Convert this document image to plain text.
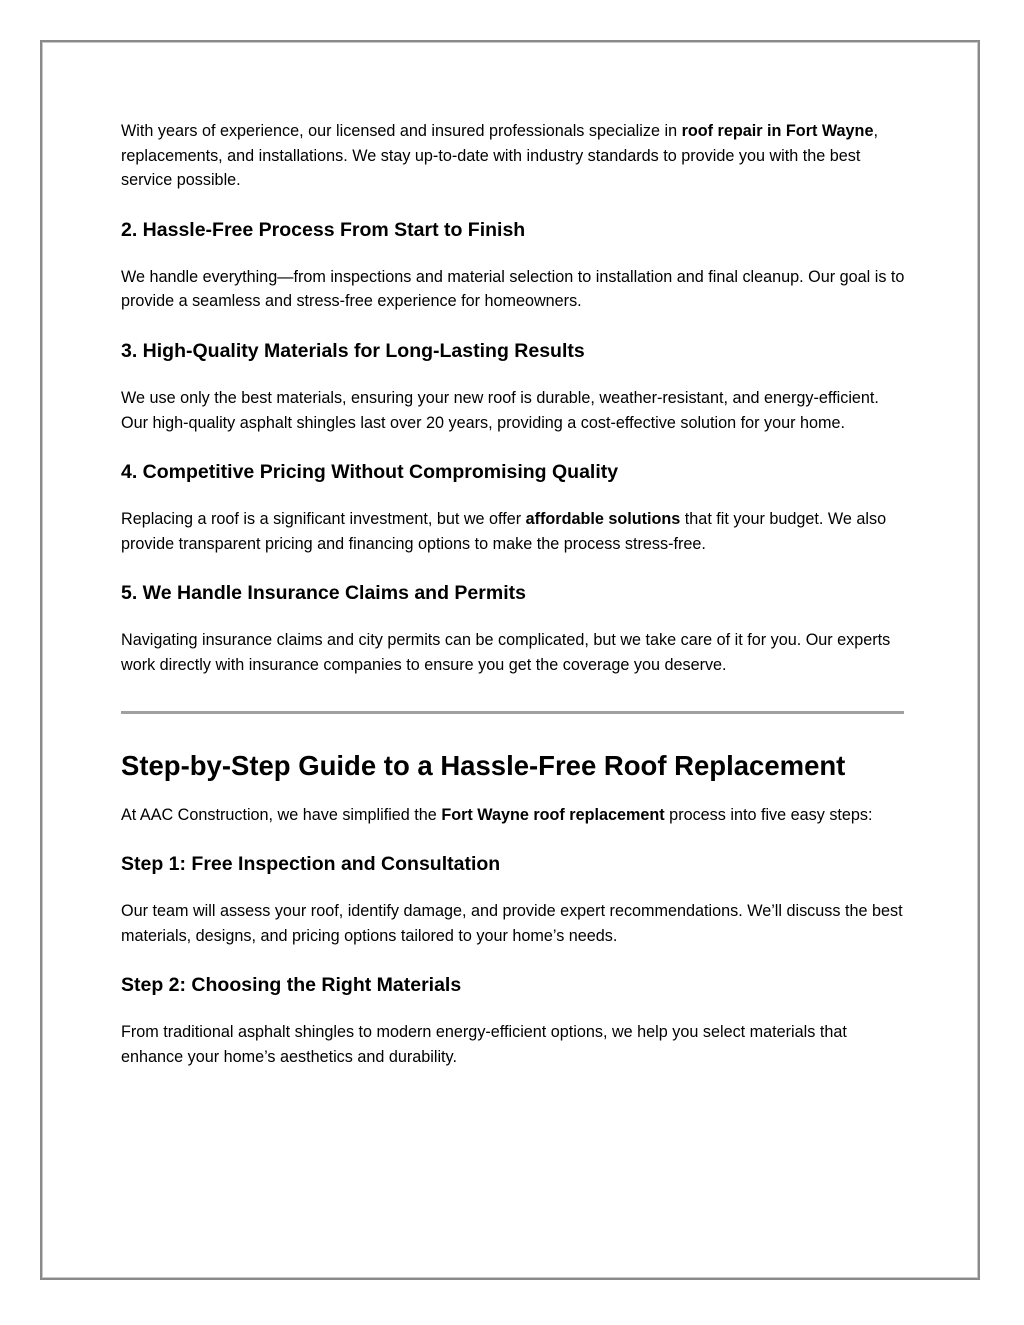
With years of experience, our licensed and insured professionals specialize in roof repair in Fort Wayne, replacements, and installations. We stay up-to-date with industry standards to provide you with the best service possible.

2. Hassle-Free Process From Start to Finish

We handle everything—from inspections and material selection to installation and final cleanup. Our goal is to provide a seamless and stress-free experience for homeowners.

3. High-Quality Materials for Long-Lasting Results

We use only the best materials, ensuring your new roof is durable, weather-resistant, and energy-efficient. Our high-quality asphalt shingles last over 20 years, providing a cost-effective solution for your home.

4. Competitive Pricing Without Compromising Quality

Replacing a roof is a significant investment, but we offer affordable solutions that fit your budget. We also provide transparent pricing and financing options to make the process stress-free.

5. We Handle Insurance Claims and Permits

Navigating insurance claims and city permits can be complicated, but we take care of it for you. Our experts work directly with insurance companies to ensure you get the coverage you deserve.

Step-by-Step Guide to a Hassle-Free Roof Replacement

At AAC Construction, we have simplified the Fort Wayne roof replacement process into five easy steps:

Step 1: Free Inspection and Consultation

Our team will assess your roof, identify damage, and provide expert recommendations. We’ll discuss the best materials, designs, and pricing options tailored to your home’s needs.

Step 2: Choosing the Right Materials

From traditional asphalt shingles to modern energy-efficient options, we help you select materials that enhance your home’s aesthetics and durability.
